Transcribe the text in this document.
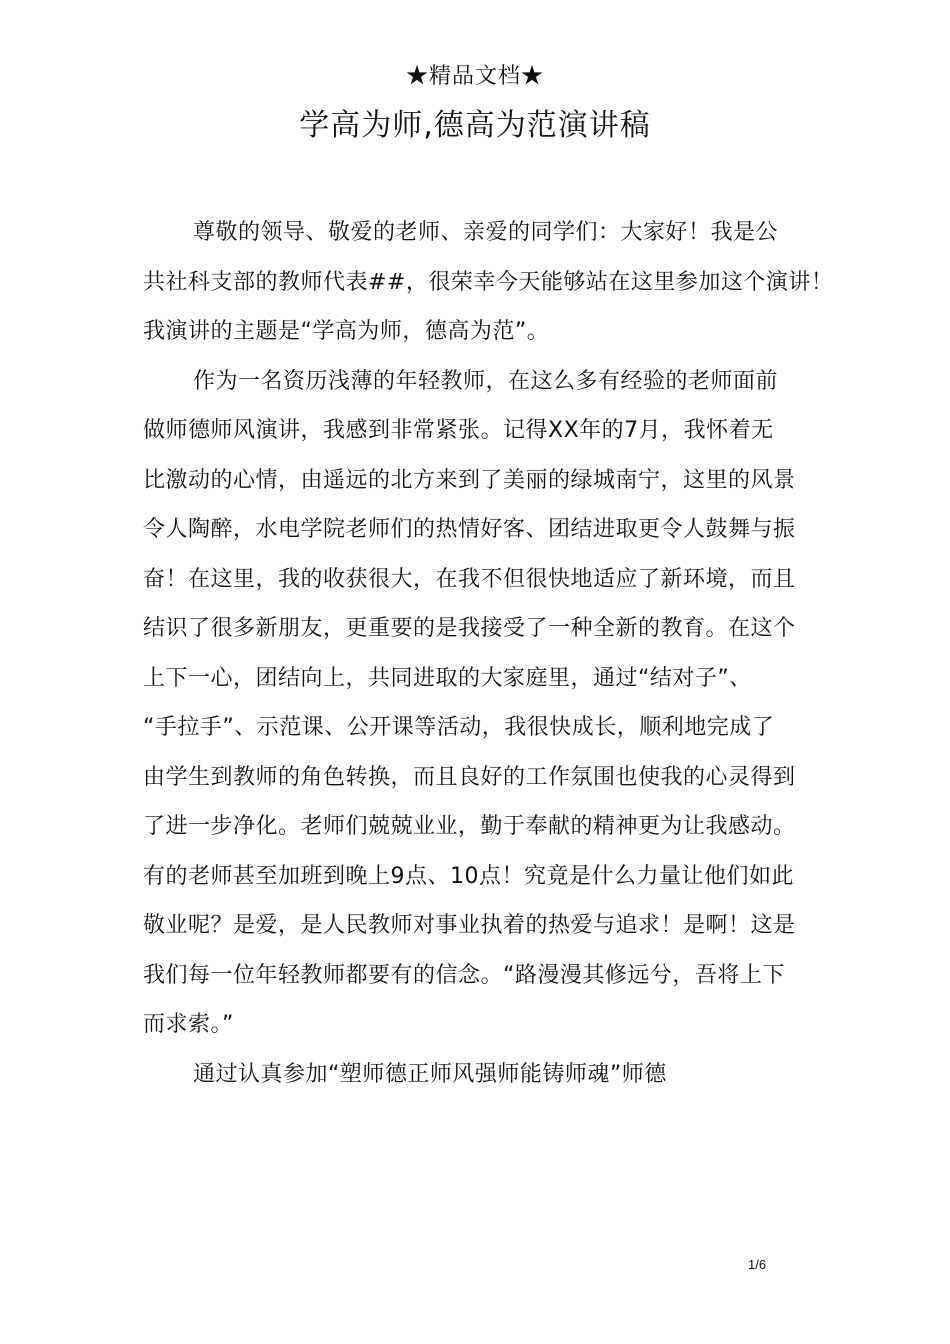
★精品文档★
学高为师,德高为范演讲稿
尊敬的领导、敬爱的老师、亲爱的同学们：大家好！我是公
共社科支部的教师代表##，很荣幸今天能够站在这里参加这个演讲！
我演讲的主题是“学高为师，德高为范”。
作为一名资历浅薄的年轻教师，在这么多有经验的老师面前
做师德师风演讲，我感到非常紧张。记得XX年的7月，我怀着无
比激动的心情，由遥远的北方来到了美丽的绿城南宁，这里的风景
令人陶醉，水电学院老师们的热情好客、团结进取更令人鼓舞与振
奋！在这里，我的收获很大，在我不但很快地适应了新环境，而且
结识了很多新朋友，更重要的是我接受了一种全新的教育。在这个
上下一心，团结向上，共同进取的大家庭里，通过“结对子”、
“手拉手”、示范课、公开课等活动，我很快成长，顺利地完成了
由学生到教师的角色转换，而且良好的工作氛围也使我的心灵得到
了进一步净化。老师们兢兢业业，勤于奉献的精神更为让我感动。
有的老师甚至加班到晚上9点、10点！究竟是什么力量让他们如此
敬业呢？是爱，是人民教师对事业执着的热爱与追求！是啊！这是
我们每一位年轻教师都要有的信念。“路漫漫其修远兮，吾将上下
而求索。”
通过认真参加“塑师德正师风强师能铸师魂”师德
1/6
